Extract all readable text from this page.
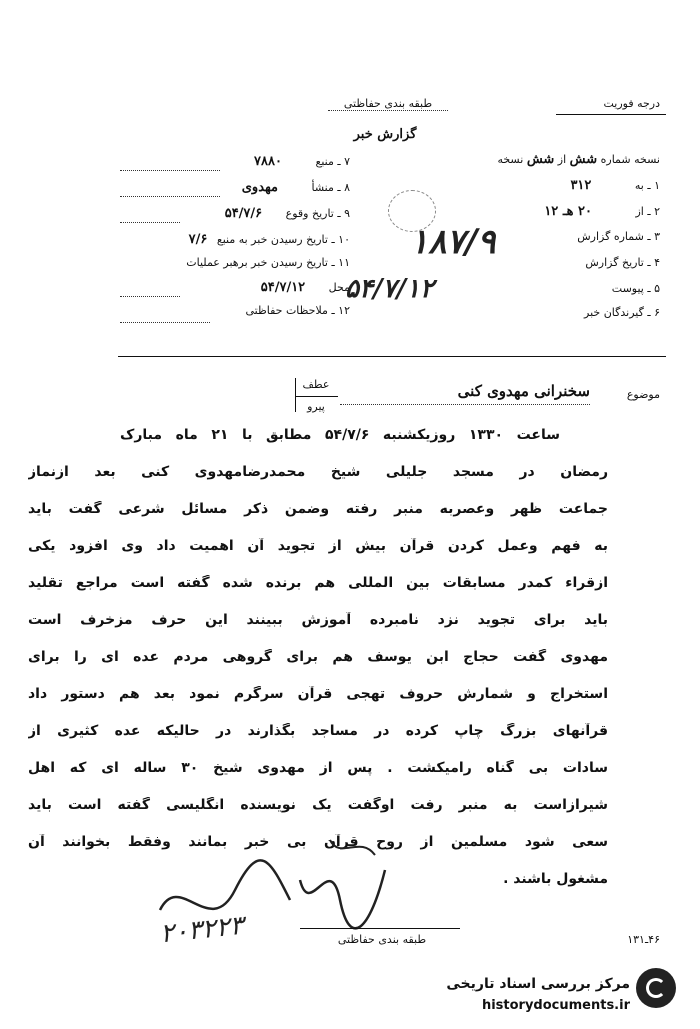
طبقه بندی حفاظتی	درجه فوریت
گزارش خبر
نسخه شماره شش از شش نسخه
۱ ـ به ۳۱۲
۲ ـ از ۲۰ هـ ۱۲
۳ ـ شماره گزارش
۴ ـ تاریخ گزارش
۵ ـ پیوست
۶ ـ گیرندگان خبر
۷ ـ منبع ۷۸۸۰
۸ ـ منشأ مهدوی
۹ ـ تاریخ وقوع ۵۴/۷/۶
۱۰ ـ تاریخ رسیدن خبر به منبع ۷/۶
۱۱ ـ تاریخ رسیدن خبر برهبر عملیات
محل ۵۴/۷/۱۲
۱۲ ـ ملاحظات حفاظتی
۱۸۷/۹
۵۴/۷/۱۲
موضوع
سخنرانی مهدوی کنی
عطف
پیرو
ساعت ۱۳۳۰ روزیکشنبه ۵۴/۷/۶ مطابق با ۲۱ ماه مبارک
رمضان در مسجد جلیلی شیخ محمدرضامهدوی کنی بعد ازنماز
جماعت ظهر وعصربه منبر رفته وضمن ذکر مسائل شرعی گفت باید
به فهم وعمل کردن قرآن بیش از تجوید آن اهمیت داد وی افزود یکی
ازقراء کمدر مسابقات بین المللی هم برنده شده گفته است مراجع تقلید
باید برای تجوید نزد نامبرده آموزش ببینند این حرف مزخرف است
مهدوی گفت حجاج ابن یوسف هم برای گروهی مردم عده ای را برای
استخراج و شمارش حروف تهجی قرآن سرگرم نمود بعد هم دستور داد
قرآنهای بزرگ چاپ کرده در مساجد بگذارند در حالیکه عده کثیری از
سادات بی گناه رامیکشت . پس از مهدوی شیخ ۳۰ ساله ای که اهل
شیرازاست به منبر رفت اوگفت یک نویسنده انگلیسی گفته است باید
سعی شود مسلمین از روح قرآن بی خبر بمانند وفقط بخوانند آن
مشغول باشند .
۲۰۳۲۲۳	طبقه بندی حفاظتی	۴۶ـ۱۳۱
مرکز بررسی اسناد تاریخی
historydocuments.ir
